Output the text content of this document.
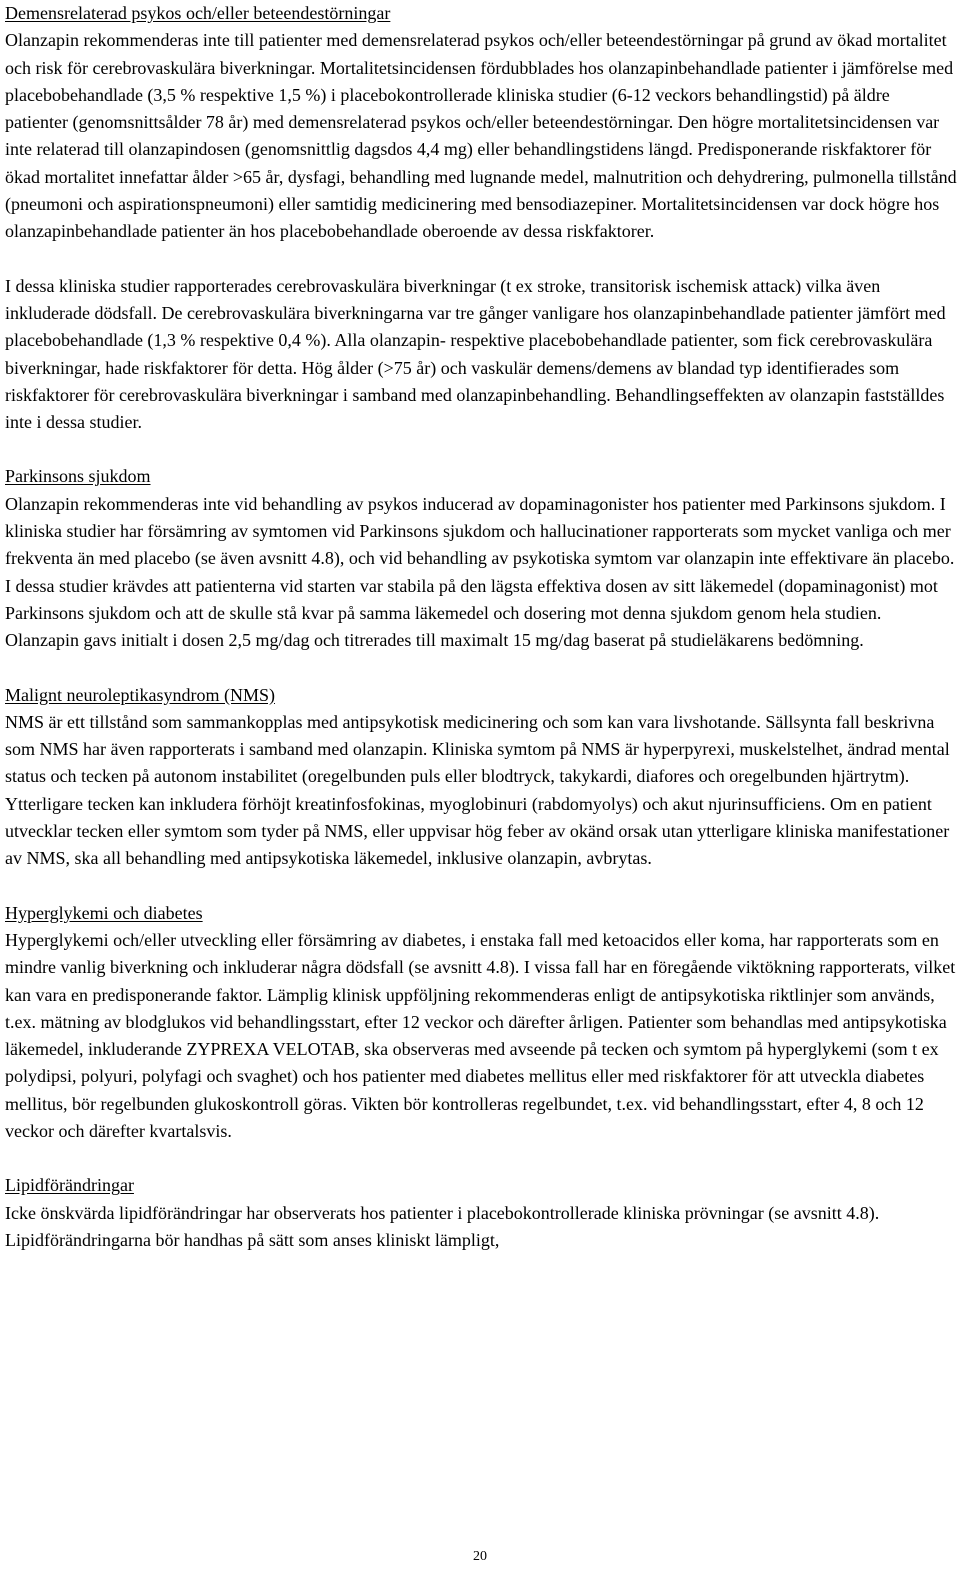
Demensrelaterad psykos och/eller beteendestörningar

Olanzapin rekommenderas inte till patienter med demensrelaterad psykos och/eller beteendestörningar på grund av ökad mortalitet och risk för cerebrovaskulära biverkningar. Mortalitetsincidensen fördubblades hos olanzapinbehandlade patienter i jämförelse med placebobehandlade (3,5 % respektive 1,5 %) i placebokontrollerade kliniska studier (6-12 veckors behandlingstid) på äldre patienter (genomsnittsålder 78 år) med demensrelaterad psykos och/eller beteendestörningar. Den högre mortalitetsincidensen var inte relaterad till olanzapindosen (genomsnittlig dagsdos 4,4 mg) eller behandlingstidens längd. Predisponerande riskfaktorer för ökad mortalitet innefattar ålder >65 år, dysfagi, behandling med lugnande medel, malnutrition och dehydrering, pulmonella tillstånd (pneumoni och aspirationspneumoni) eller samtidig medicinering med bensodiazepiner. Mortalitetsincidensen var dock högre hos olanzapinbehandlade patienter än hos placebobehandlade oberoende av dessa riskfaktorer.

I dessa kliniska studier rapporterades cerebrovaskulära biverkningar (t ex stroke, transitorisk ischemisk attack) vilka även inkluderade dödsfall. De cerebrovaskulära biverkningarna var tre gånger vanligare hos olanzapinbehandlade patienter jämfört med placebobehandlade (1,3 % respektive 0,4 %). Alla olanzapin- respektive placebobehandlade patienter, som fick cerebrovaskulära biverkningar, hade riskfaktorer för detta. Hög ålder (>75 år) och vaskulär demens/demens av blandad typ identifierades som riskfaktorer för cerebrovaskulära biverkningar i samband med olanzapinbehandling. Behandlingseffekten av olanzapin fastställdes inte i dessa studier.

Parkinsons sjukdom

Olanzapin rekommenderas inte vid behandling av psykos inducerad av dopaminagonister hos patienter med Parkinsons sjukdom. I kliniska studier har försämring av symtomen vid Parkinsons sjukdom och hallucinationer rapporterats som mycket vanliga och mer frekventa än med placebo (se även avsnitt 4.8), och vid behandling av psykotiska symtom var olanzapin inte effektivare än placebo. I dessa studier krävdes att patienterna vid starten var stabila på den lägsta effektiva dosen av sitt läkemedel (dopaminagonist) mot Parkinsons sjukdom och att de skulle stå kvar på samma läkemedel och dosering mot denna sjukdom genom hela studien. Olanzapin gavs initialt i dosen 2,5 mg/dag och titrerades till maximalt 15 mg/dag baserat på studieläkarens bedömning.

Malignt neuroleptikasyndrom (NMS)

NMS är ett tillstånd som sammankopplas med antipsykotisk medicinering och som kan vara livshotande. Sällsynta fall beskrivna som NMS har även rapporterats i samband med olanzapin. Kliniska symtom på NMS är hyperpyrexi, muskelstelhet, ändrad mental status och tecken på autonom instabilitet (oregelbunden puls eller blodtryck, takykardi, diafores och oregelbunden hjärtrytm). Ytterligare tecken kan inkludera förhöjt kreatinfosfokinas, myoglobinuri (rabdomyolys) och akut njurinsufficiens. Om en patient utvecklar tecken eller symtom som tyder på NMS, eller uppvisar hög feber av okänd orsak utan ytterligare kliniska manifestationer av NMS, ska all behandling med antipsykotiska läkemedel, inklusive olanzapin, avbrytas.

Hyperglykemi och diabetes

Hyperglykemi och/eller utveckling eller försämring av diabetes, i enstaka fall med ketoacidos eller koma, har rapporterats som en mindre vanlig biverkning och inkluderar några dödsfall (se avsnitt 4.8). I vissa fall har en föregående viktökning rapporterats, vilket kan vara en predisponerande faktor. Lämplig klinisk uppföljning rekommenderas enligt de antipsykotiska riktlinjer som används, t.ex. mätning av blodglukos vid behandlingsstart, efter 12 veckor och därefter årligen. Patienter som behandlas med antipsykotiska läkemedel, inkluderande ZYPREXA VELOTAB, ska observeras med avseende på tecken och symtom på hyperglykemi (som t ex polydipsi, polyuri, polyfagi och svaghet) och hos patienter med diabetes mellitus eller med riskfaktorer för att utveckla diabetes mellitus, bör regelbunden glukoskontroll göras. Vikten bör kontrolleras regelbundet, t.ex. vid behandlingsstart, efter 4, 8 och 12 veckor och därefter kvartalsvis.

Lipidförändringar

Icke önskvärda lipidförändringar har observerats hos patienter i placebokontrollerade kliniska prövningar (se avsnitt 4.8). Lipidförändringarna bör handhas på sätt som anses kliniskt lämpligt,

20
